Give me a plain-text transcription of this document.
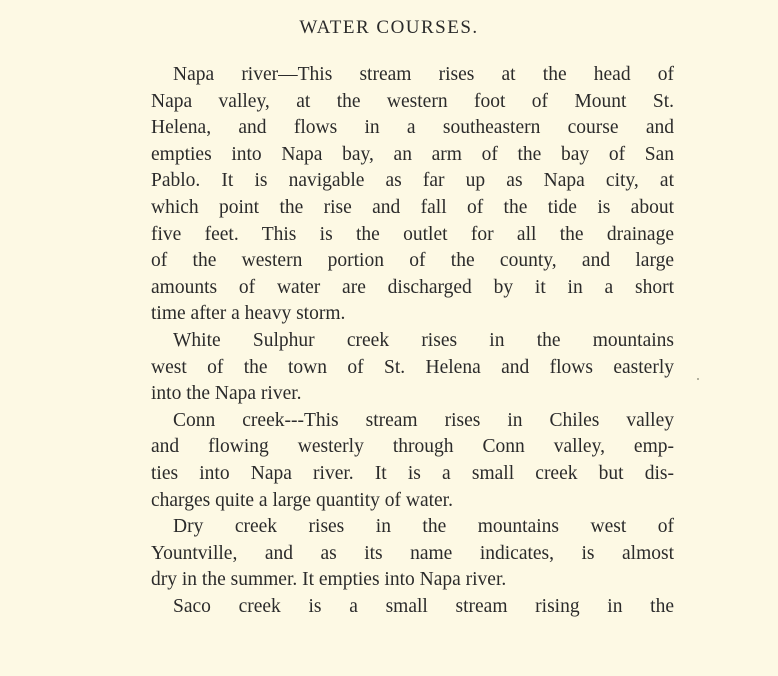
WATER COURSES.
Napa river—This stream rises at the head of
Napa valley, at the western foot of Mount St.
Helena, and flows in a southeastern course and
empties into Napa bay, an arm of the bay of San
Pablo. It is navigable as far up as Napa city, at
which point the rise and fall of the tide is about
five feet. This is the outlet for all the drainage
of the western portion of the county, and large
amounts of water are discharged by it in a short
time after a heavy storm.
White Sulphur creek rises in the mountains
west of the town of St. Helena and flows easterly
into the Napa river.
Conn creek---This stream rises in Chiles valley
and flowing westerly through Conn valley, emp-
ties into Napa river. It is a small creek but dis-
charges quite a large quantity of water.
Dry creek rises in the mountains west of
Yountville, and as its name indicates, is almost
dry in the summer. It empties into Napa river.
Saco creek is a small stream rising in the
